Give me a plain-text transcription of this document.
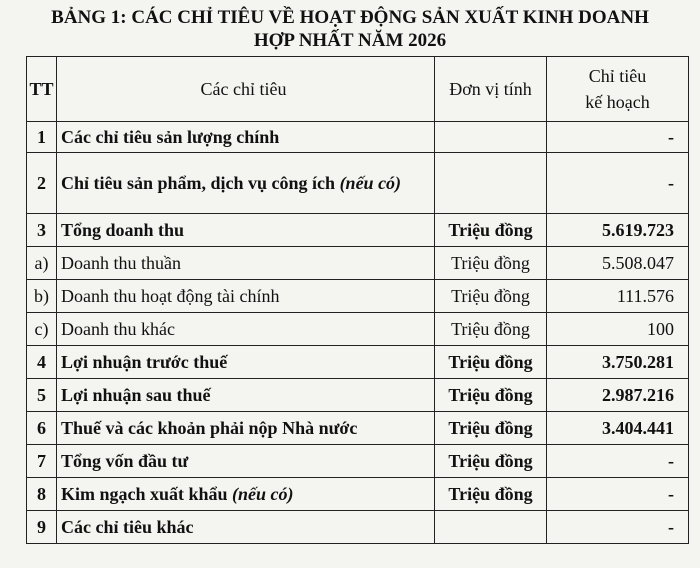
BẢNG 1: CÁC CHỈ TIÊU VỀ HOẠT ĐỘNG SẢN XUẤT KINH DOANH
HỢP NHẤT NĂM 2026
TT	Các chỉ tiêu	Đơn vị tính	Chỉ tiêu
kế hoạch

1	Các chỉ tiêu sản lượng chính		-
2	Chỉ tiêu sản phẩm, dịch vụ công ích (nếu có)		-
3	Tổng doanh thu	Triệu đồng	5.619.723
a)	Doanh thu thuần	Triệu đồng	5.508.047
b)	Doanh thu hoạt động tài chính	Triệu đồng	111.576
c)	Doanh thu khác	Triệu đồng	100
4	Lợi nhuận trước thuế	Triệu đồng	3.750.281
5	Lợi nhuận sau thuế	Triệu đồng	2.987.216
6	Thuế và các khoản phải nộp Nhà nước	Triệu đồng	3.404.441
7	Tổng vốn đầu tư	Triệu đồng	-
8	Kim ngạch xuất khẩu (nếu có)	Triệu đồng	-
9	Các chỉ tiêu khác		-
